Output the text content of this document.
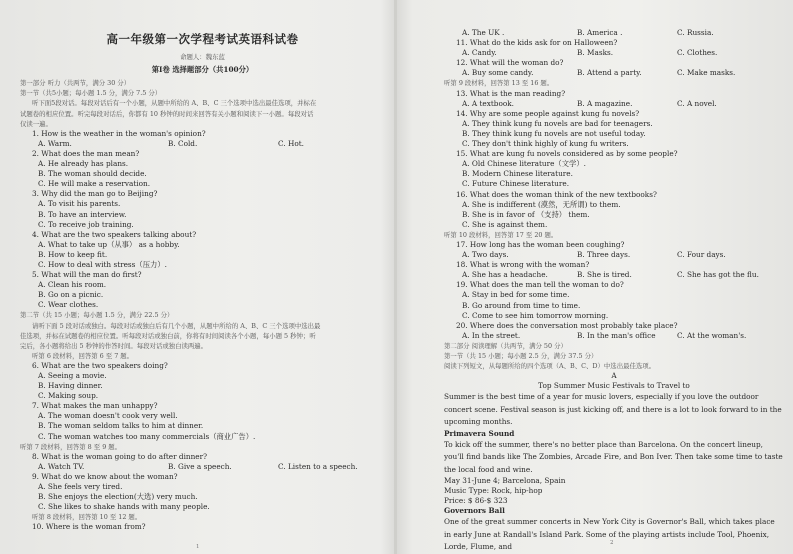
高一年级第一次学程考试英语科试卷
命题人：魏东蓝
第Ⅰ卷 选择题部分（共100分）
第一部分 听力（共两节，满分 30 分）
第一节（共5小题；每小题 1.5 分，满分 7.5 分）
听下面5段对话。每段对话后有一个小题，从题中所给的 A、B、C 三个选项中选出最佳选项，并标在
试题卷的相应位置。听完每段对话后，你都有 10 秒钟的时间来回答有关小题和阅读下一小题。每段对话
仅读一遍。
1. How is the weather in the woman's opinion?
A. Warm.	B. Cold.	C. Hot.
2. What does the man mean?
A. He already has plans.
B. The woman should decide.
C. He will make a reservation.
3. Why did the man go to Beijing?
A. To visit his parents.
B. To have an interview.
C. To receive job training.
4. What are the two speakers talking about?
A. What to take up（从事） as a hobby.
B. How to keep fit.
C. How to deal with stress（压力）.
5. What will the man do first?
A. Clean his room.
B. Go on a picnic.
C. Wear clothes.
第二节（共 15 小题；每小题 1.5 分，满分 22.5 分）
请听下面 5 段对话或独白。每段对话或独白后有几个小题，从题中所给的 A、B、C 三个选项中选出最
佳选项，并标在试题卷的相应位置。听每段对话或独白前，你将有时间阅读各个小题，每小题 5 秒钟；听
完后，各小题将给出 5 秒钟的作答时间。每段对话或独白读两遍。
听第 6 段材料，回答第 6 至 7 题。
6. What are the two speakers doing?
A. Seeing a movie.
B. Having dinner.
C. Making soup.
7. What makes the man unhappy?
A. The woman doesn't cook very well.
B. The woman seldom talks to him at dinner.
C. The woman watches too many commercials（商业广告）.
听第 7 段材料，回答第 8 至 9 题。
8. What is the woman going to do after dinner?
A. Watch TV.	B. Give a speech.	C. Listen to a speech.
9. What do we know about the woman?
A. She feels very tired.
B. She enjoys the election(大选) very much.
C. She likes to shake hands with many people.
听第 8 段材料，回答第 10 至 12 题。
10. Where is the woman from?
1
A. The UK .	B. America .	C. Russia.
11. What do the kids ask for on Halloween?
A. Candy.	B. Masks.	C. Clothes.
12. What will the woman do?
A. Buy some candy.	B. Attend a party.	C. Make masks.
听第 9 段材料，回答第 13 至 16 题。
13. What is the man reading?
A. A textbook.	B. A magazine.	C. A novel.
14. Why are some people against kung fu novels?
A. They think kung fu novels are bad for teenagers.
B. They think kung fu novels are not useful today.
C. They don't think highly of kung fu writers.
15. What are kung fu novels considered as by some people?
A. Old Chinese literature（文学）.
B. Modern Chinese literature.
C. Future Chinese literature.
16. What does the woman think of the new textbooks?
A. She is indifferent (漠然，无所谓) to them.
B. She is in favor of （支持） them.
C. She is against them.
听第 10 段材料，回答第 17 至 20 题。
17. How long has the woman been coughing?
A. Two days.	B. Three days.	C. Four days.
18. What is wrong with the woman?
A. She has a headache.	B. She is tired.	C. She has got the flu.
19. What does the man tell the woman to do?
A. Stay in bed for some time.
B. Go around from time to time.
C. Come to see him tomorrow morning.
20. Where does the conversation most probably take place?
A. In the street.	B. In the man's office	C. At the woman's.
第二部分 阅读理解（共两节，满分 50 分）
第一节（共 15 小题；每小题 2.5 分，满分 37.5 分）
阅读下列短文，从每题所给的四个选项（A、B、C、D）中选出最佳选项。
A
Top Summer Music Festivals to Travel to
Summer is the best time of a year for music lovers, especially if you love the outdoor concert scene. Festival season is just kicking off, and there is a lot to look forward to in the upcoming months.
Primavera Sound
To kick off the summer, there's no better place than Barcelona. On the concert lineup, you'll find bands like The Zombies, Arcade Fire, and Bon Iver. Then take some time to taste the local food and wine.
May 31-June 4; Barcelona, Spain
Music Type: Rock, hip-hop
Price: $ 86-$ 323
Governors Ball
One of the great summer concerts in New York City is Governor's Ball, which takes place in early June at Randall's Island Park. Some of the playing artists include Tool, Phoenix, Lorde, Flume, and	2
